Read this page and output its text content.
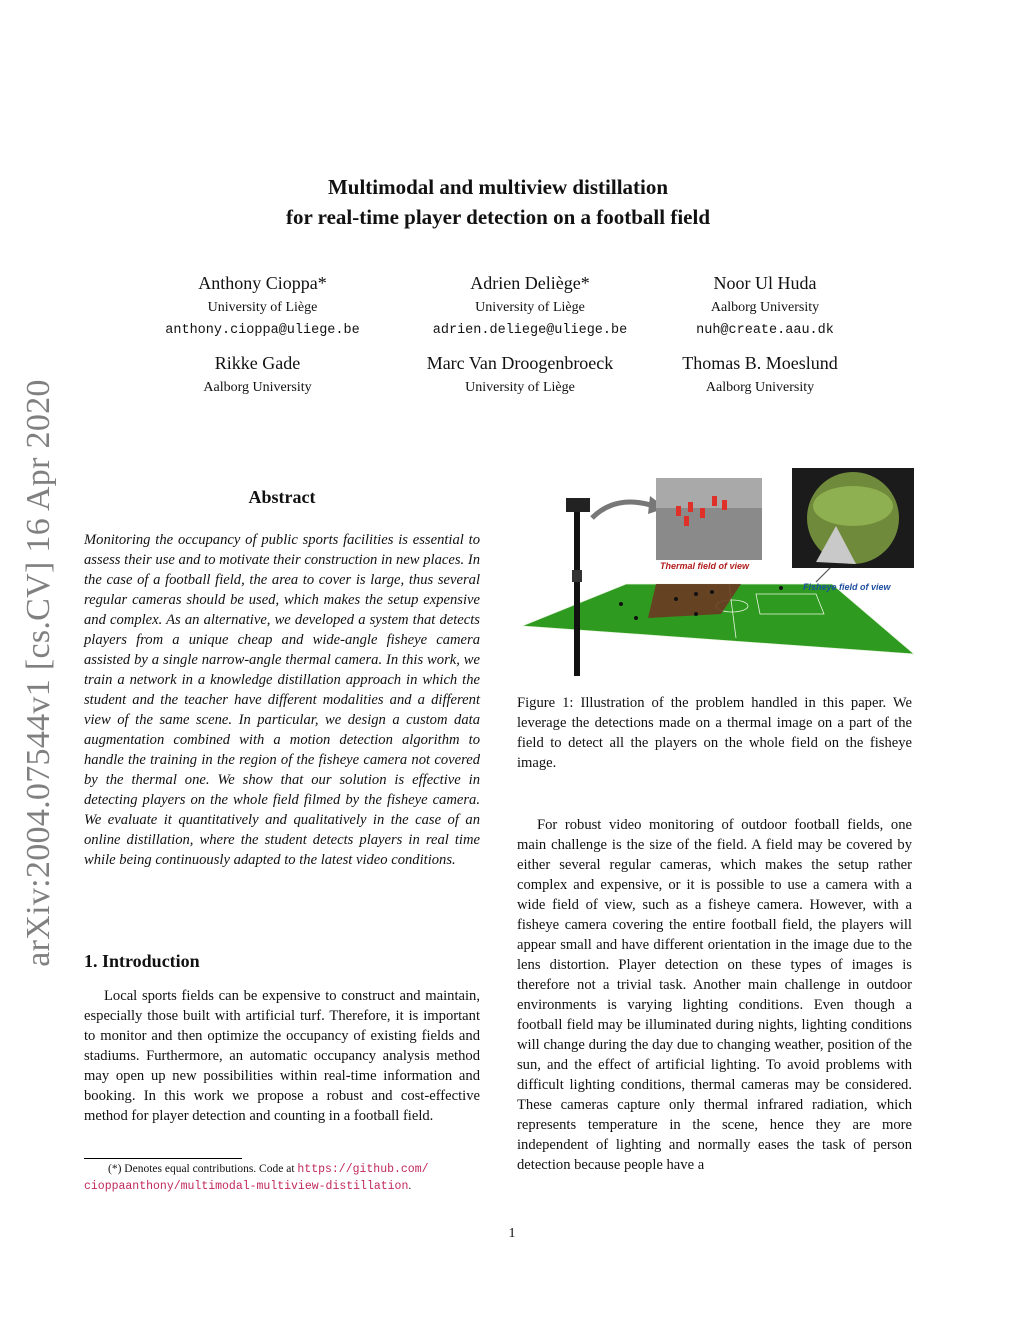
arXiv:2004.07544v1 [cs.CV] 16 Apr 2020
Multimodal and multiview distillation
for real-time player detection on a football field
Anthony Cioppa*
University of Liège
anthony.cioppa@uliege.be
Adrien Deliège*
University of Liège
adrien.deliege@uliege.be
Noor Ul Huda
Aalborg University
nuh@create.aau.dk
Rikke Gade
Aalborg University
Marc Van Droogenbroeck
University of Liège
Thomas B. Moeslund
Aalborg University
Abstract
Monitoring the occupancy of public sports facilities is essential to assess their use and to motivate their construction in new places. In the case of a football field, the area to cover is large, thus several regular cameras should be used, which makes the setup expensive and complex. As an alternative, we developed a system that detects players from a unique cheap and wide-angle fisheye camera assisted by a single narrow-angle thermal camera. In this work, we train a network in a knowledge distillation approach in which the student and the teacher have different modalities and a different view of the same scene. In particular, we design a custom data augmentation combined with a motion detection algorithm to handle the training in the region of the fisheye camera not covered by the thermal one. We show that our solution is effective in detecting players on the whole field filmed by the fisheye camera. We evaluate it quantitatively and qualitatively in the case of an online distillation, where the student detects players in real time while being continuously adapted to the latest video conditions.
1. Introduction
Local sports fields can be expensive to construct and maintain, especially those built with artificial turf. Therefore, it is important to monitor and then optimize the occupancy of existing fields and stadiums. Furthermore, an automatic occupancy analysis method may open up new possibilities within real-time information and booking. In this work we propose a robust and cost-effective method for player detection and counting in a football field.
(*) Denotes equal contributions. Code at https://github.com/
cioppaanthony/multimodal-multiview-distillation.
Thermal field of view
Fisheye field of view
Figure 1: Illustration of the problem handled in this paper. We leverage the detections made on a thermal image on a part of the field to detect all the players on the whole field on the fisheye image.
For robust video monitoring of outdoor football fields, one main challenge is the size of the field. A field may be covered by either several regular cameras, which makes the setup rather complex and expensive, or it is possible to use a camera with a wide field of view, such as a fisheye camera. However, with a fisheye camera covering the entire football field, the players will appear small and have different orientation in the image due to the lens distortion. Player detection on these types of images is therefore not a trivial task. Another main challenge in outdoor environments is varying lighting conditions. Even though a football field may be illuminated during nights, lighting conditions will change during the day due to changing weather, position of the sun, and the effect of artificial lighting. To avoid problems with difficult lighting conditions, thermal cameras may be considered. These cameras capture only thermal infrared radiation, which represents temperature in the scene, hence they are more independent of lighting and normally eases the task of person detection because people have a
1
